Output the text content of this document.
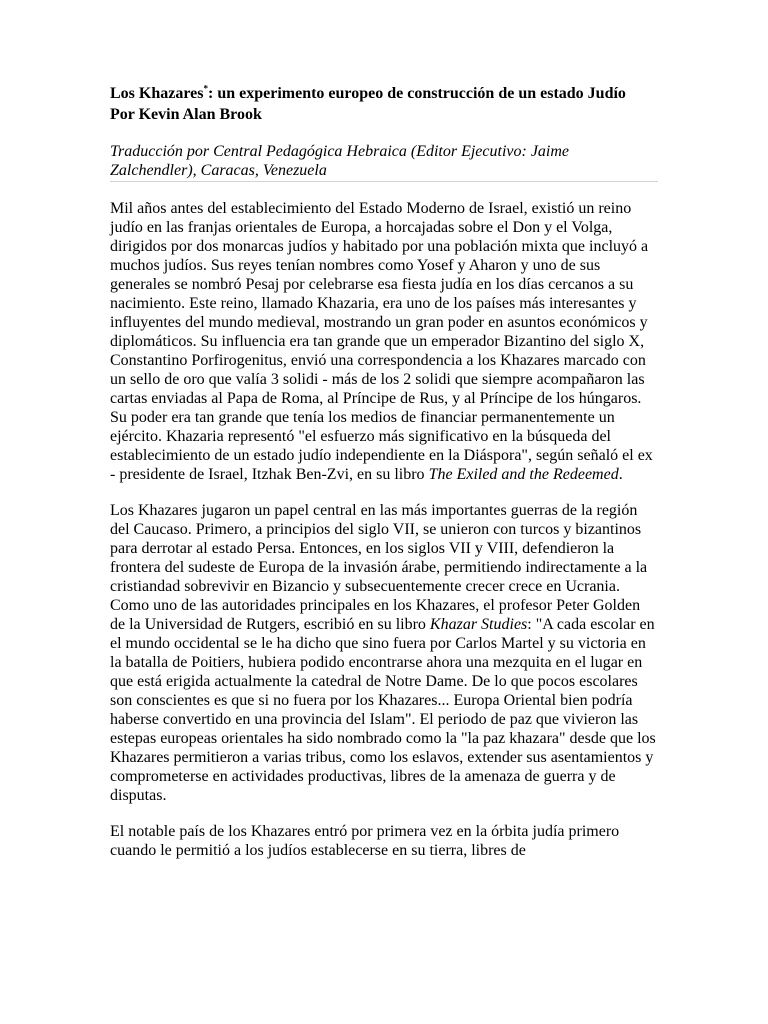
Los Khazares*: un experimento europeo de construcción de un estado Judío

Por Kevin Alan Brook

Traducción por Central Pedagógica Hebraica (Editor Ejecutivo: Jaime Zalchendler), Caracas, Venezuela

Mil años antes del establecimiento del Estado Moderno de Israel, existió un reino judío en las franjas orientales de Europa, a horcajadas sobre el Don y el Volga, dirigidos por dos monarcas judíos y habitado por una población mixta que incluyó a muchos judíos. Sus reyes tenían nombres como Yosef y Aharon y uno de sus generales se nombró Pesaj por celebrarse esa fiesta judía en los días cercanos a su nacimiento. Este reino, llamado Khazaria, era uno de los países más interesantes y influyentes del mundo medieval, mostrando un gran poder en asuntos económicos y diplomáticos. Su influencia era tan grande que un emperador Bizantino del siglo X, Constantino Porfirogenitus, envió una correspondencia a los Khazares marcado con un sello de oro que valía 3 solidi - más de los 2 solidi que siempre acompañaron las cartas enviadas al Papa de Roma, al Príncipe de Rus, y al Príncipe de los húngaros. Su poder era tan grande que tenía los medios de financiar permanentemente un ejército. Khazaria representó "el esfuerzo más significativo en la búsqueda del establecimiento de un estado judío independiente en la Diáspora", según señaló el ex - presidente de Israel, Itzhak Ben-Zvi, en su libro The Exiled and the Redeemed.

Los Khazares jugaron un papel central en las más importantes guerras de la región del Caucaso. Primero, a principios del siglo VII, se unieron con turcos y bizantinos para derrotar al estado Persa. Entonces, en los siglos VII y VIII, defendieron la frontera del sudeste de Europa de la invasión árabe, permitiendo indirectamente a la cristiandad sobrevivir en Bizancio y subsecuentemente crecer crece en Ucrania. Como uno de las autoridades principales en los Khazares, el profesor Peter Golden de la Universidad de Rutgers, escribió en su libro Khazar Studies: "A cada escolar en el mundo occidental se le ha dicho que sino fuera por Carlos Martel y su victoria en la batalla de Poitiers, hubiera podido encontrarse ahora una mezquita en el lugar en que está erigida actualmente la catedral de Notre Dame. De lo que pocos escolares son conscientes es que si no fuera por los Khazares... Europa Oriental bien podría haberse convertido en una provincia del Islam". El periodo de paz que vivieron las estepas europeas orientales ha sido nombrado como la "la paz khazara" desde que los Khazares permitieron a varias tribus, como los eslavos, extender sus asentamientos y comprometerse en actividades productivas, libres de la amenaza de guerra y de disputas.

El notable país de los Khazares entró por primera vez en la órbita judía primero cuando le permitió a los judíos establecerse en su tierra, libres de
